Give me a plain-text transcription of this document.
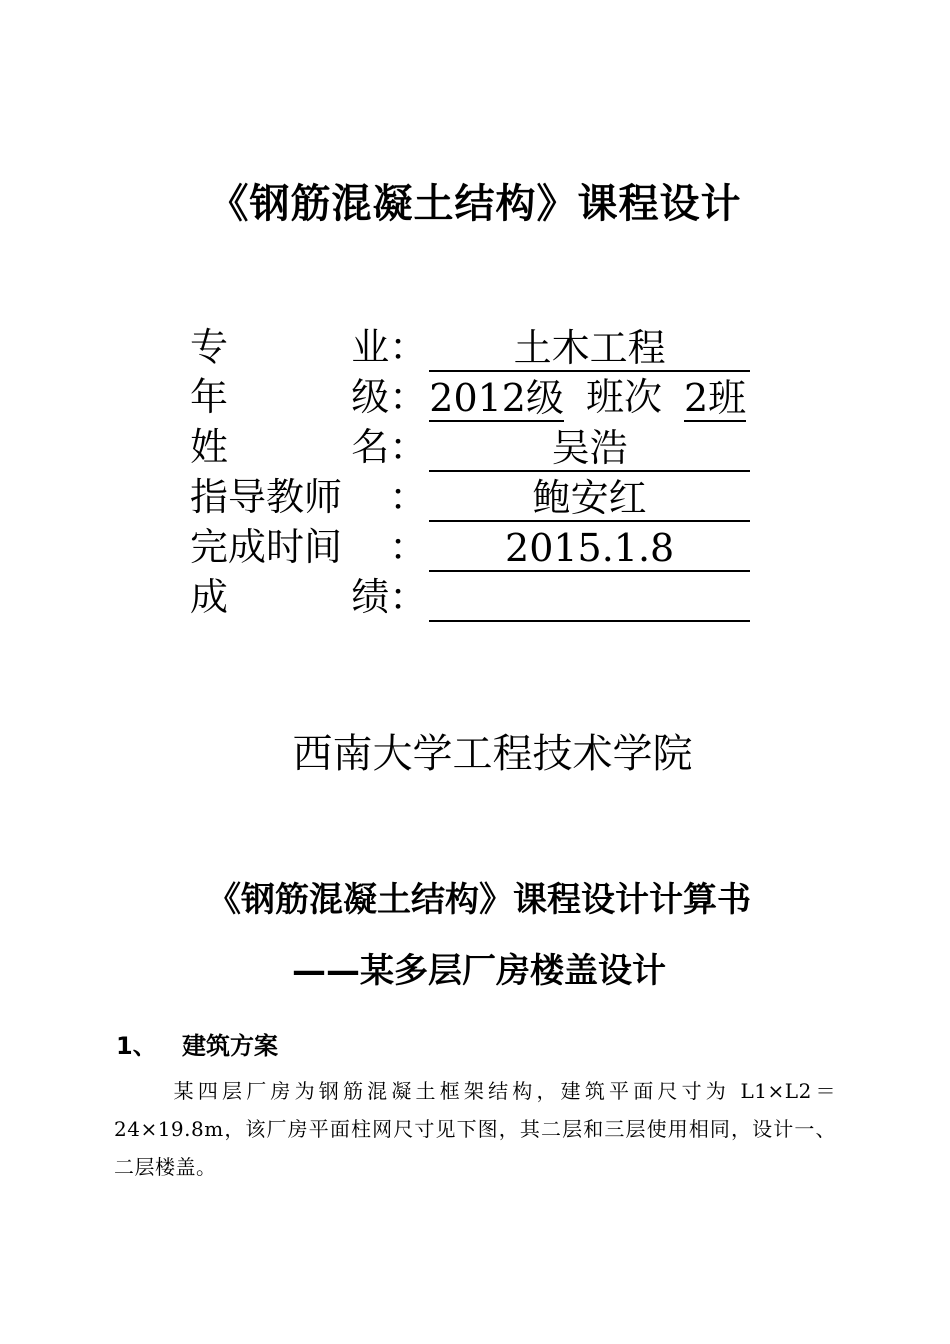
《钢筋混凝土结构》课程设计
专	业 ：	土木工程
年	级 ： 2012级 班次 2班
姓	名 ：	吴浩
指导教师	：	鲍安红
完成时间	：	2015.1.8
成	绩 ：
西南大学工程技术学院
《钢筋混凝土结构》课程设计计算书
——某多层厂房楼盖设计
1、 建筑方案
某四层厂房为钢筋混凝土框架结构，建筑平面尺寸为 L1×L2＝24×19.8m，该厂房平面柱网尺寸见下图，其二层和三层使用相同，设计一、二层楼盖。
